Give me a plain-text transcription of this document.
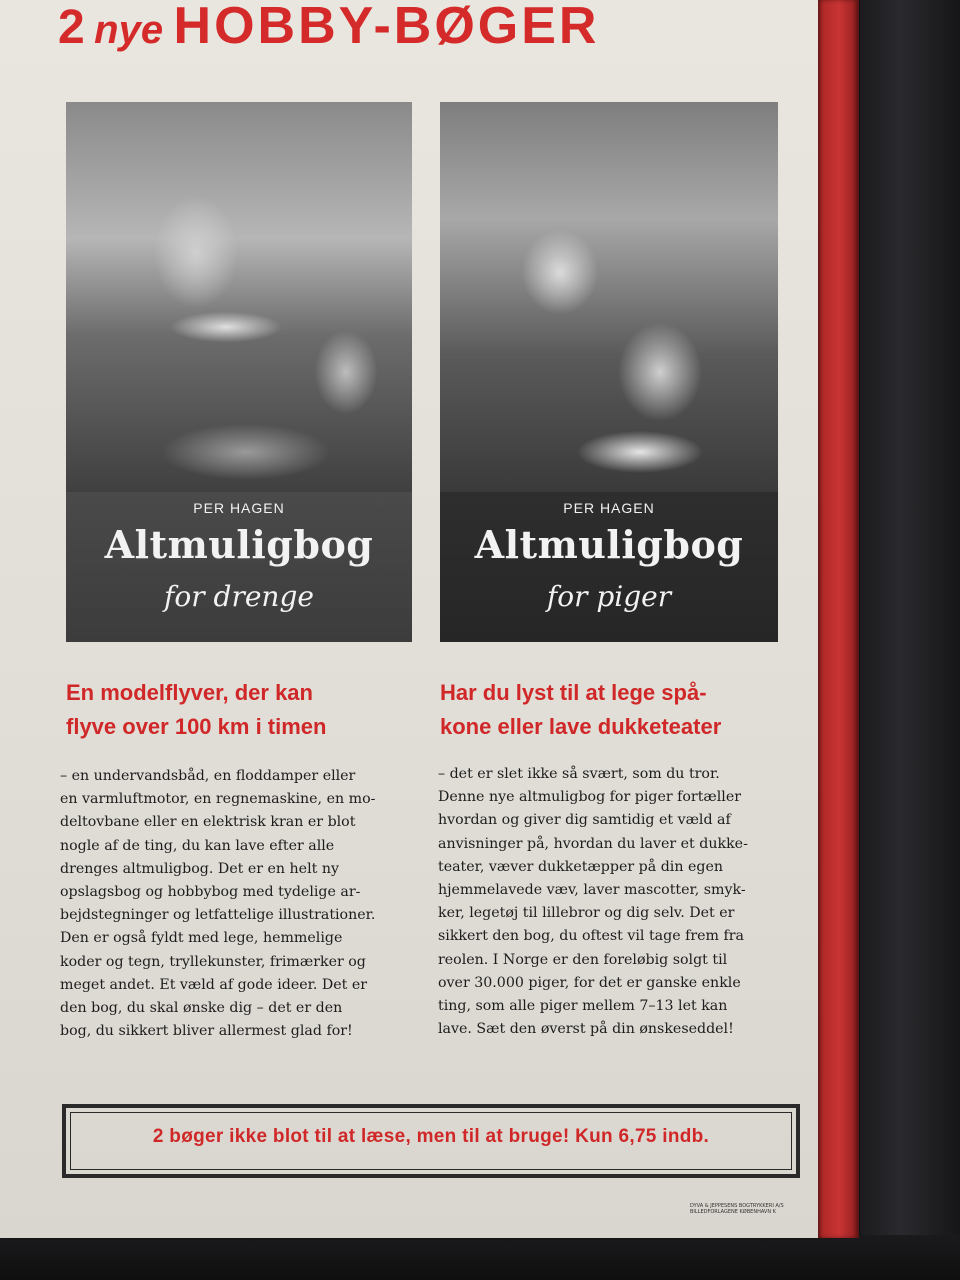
2 nye HOBBY-BØGER
PER HAGEN
Altmuligbog
for drenge
PER HAGEN
Altmuligbog
for piger
En modelflyver, der kan
flyve over 100 km i timen
Har du lyst til at lege spå-
kone eller lave dukketeater
– en undervandsbåd, en floddamper eller
en varmluftmotor, en regnemaskine, en mo-
deltovbane eller en elektrisk kran er blot
nogle af de ting, du kan lave efter alle
drenges altmuligbog. Det er en helt ny
opslagsbog og hobbybog med tydelige ar-
bejdstegninger og letfattelige illustrationer.
Den er også fyldt med lege, hemmelige
koder og tegn, tryllekunster, frimærker og
meget andet. Et væld af gode ideer. Det er
den bog, du skal ønske dig – det er den
bog, du sikkert bliver allermest glad for!
– det er slet ikke så svært, som du tror.
Denne nye altmuligbog for piger fortæller
hvordan og giver dig samtidig et væld af
anvisninger på, hvordan du laver et dukke-
teater, væver dukketæpper på din egen
hjemmelavede væv, laver mascotter, smyk-
ker, legetøj til lillebror og dig selv. Det er
sikkert den bog, du oftest vil tage frem fra
reolen. I Norge er den foreløbig solgt til
over 30.000 piger, for det er ganske enkle
ting, som alle piger mellem 7–13 let kan
lave. Sæt den øverst på din ønskeseddel!
2 bøger ikke blot til at læse, men til at bruge! Kun 6,75 indb.
DYVA & JEPPESENS BOGTRYKKERI A/S BILLEDFORLAGENE KØBENHAVN K
